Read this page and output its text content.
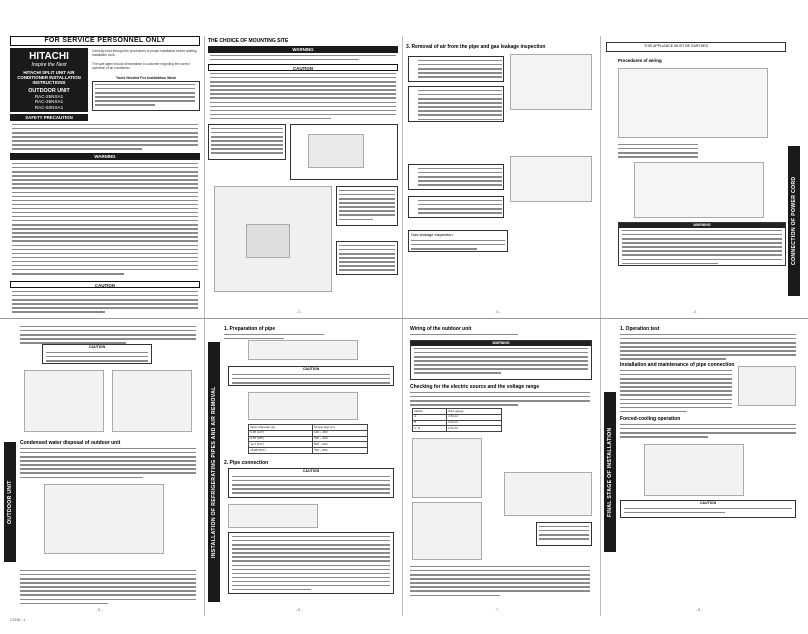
FOR SERVICE PERSONNEL ONLY
HITACHI
Inspire the Next
HITACHI SPLIT UNIT AIR CONDITIONER INSTALLATION INSTRUCTIONS
OUTDOOR UNIT
RAC-25NXA1
RAC-35NXA1
RAC-50NXA1
Carefully read through the procedures of proper installation before starting installation work.
The sale agent should demonstrate to customer regarding the correct operation of air conditioner.
Tools Needed For Installation Work
SAFETY PRECAUTION
WARNING
CAUTION
- 1 -
THE CHOICE OF MOUNTING SITE
WARNING
CAUTION
- 2 -
3. Removal of air from the pipe and gas leakage inspection
Gas leakage inspection
- 3 -
THIS APPLIANCE MUST BE EARTHED
Procedures of wiring
WARNING	CONNECTION OF POWER CORD
- 4 -
OUTDOOR UNIT
CAUTION
Condensed water disposal of outdoor unit
- 5 -
L/2156 - 1
INSTALLATION OF REFRIGERATING PIPES AND AIR REMOVAL
1. Preparation of pipe
CAUTION
Outer diameter (φ)	Torque (kgf·cm)
6.35 (1/4")	140 ~ 160
9.52 (3/8")	340 ~ 420
12.7 (1/2")	500 ~ 600
15.88 (5/8")	700 ~ 800
2. Pipe connection
CAUTION
- 6 -
Wiring of the outdoor unit
WARNING
Checking for the electric source and the voltage range
Model	Wire gauge
A	1.5mm²
B	2.5mm²
C, D	2.5mm²
- 7 -
FINAL STAGE OF INSTALLATION
1. Operation test
Installation and maintenance of pipe connection
Forced-cooling operation
CAUTION
- 8 -
